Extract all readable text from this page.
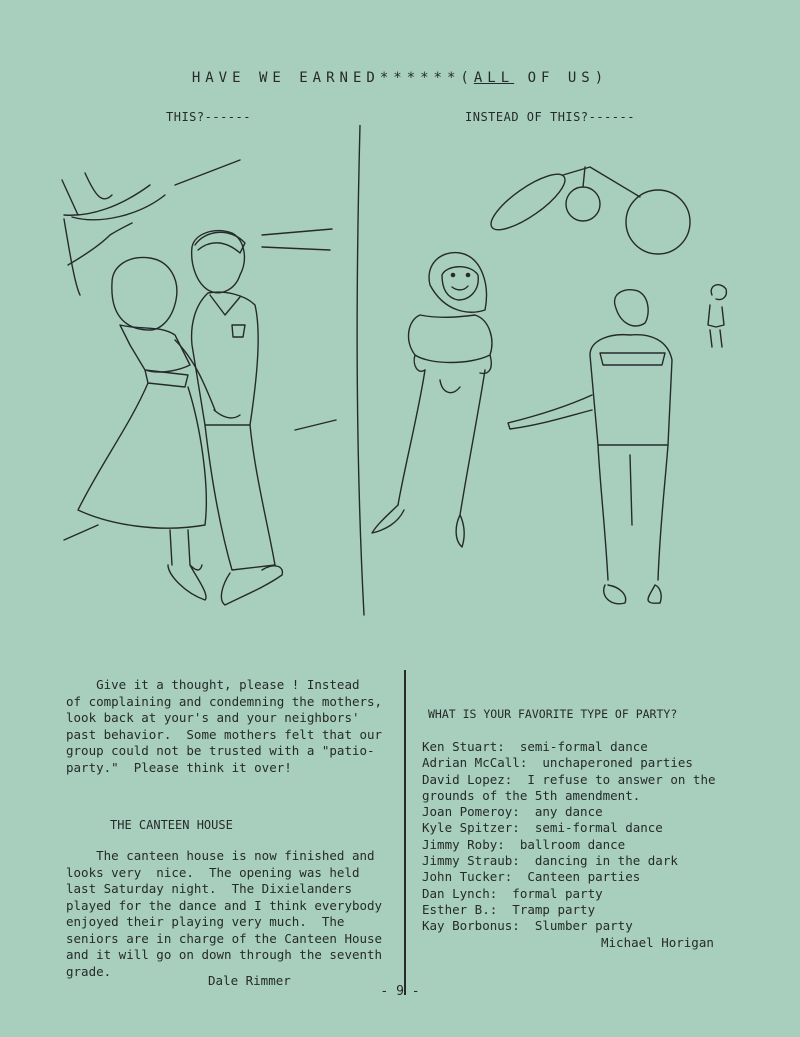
HAVE WE EARNED******(ALL OF US)
THIS?------	INSTEAD OF THIS?------
Give it a thought, please ! Instead
of complaining and condemning the mothers,
look back at your's and your neighbors'
past behavior.  Some mothers felt that our
group could not be trusted with a "patio-
party."  Please think it over!
THE CANTEEN HOUSE
The canteen house is now finished and
looks very  nice.  The opening was held
last Saturday night.  The Dixielanders
played for the dance and I think everybody
enjoyed their playing very much.  The
seniors are in charge of the Canteen House
and it will go on down through the seventh
grade.
Dale Rimmer
WHAT IS YOUR FAVORITE TYPE OF PARTY?
Ken Stuart:  semi-formal dance
Adrian McCall:  unchaperoned parties
David Lopez:  I refuse to answer on the
grounds of the 5th amendment.
Joan Pomeroy:  any dance
Kyle Spitzer:  semi-formal dance
Jimmy Roby:  ballroom dance
Jimmy Straub:  dancing in the dark
John Tucker:  Canteen parties
Dan Lynch:  formal party
Esther B.:  Tramp party
Kay Borbonus:  Slumber party
Michael Horigan
- 9 -
